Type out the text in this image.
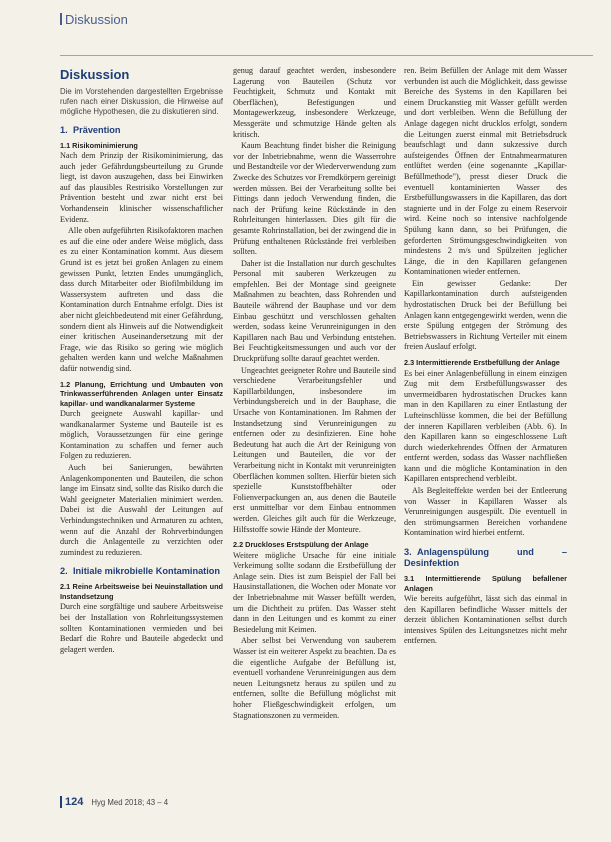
Diskussion
Diskussion
Die im Vorstehenden dargestellten Ergebnisse rufen nach einer Diskussion, die Hinweise auf mögliche Hypothesen, die zu diskutieren sind.
1. Prävention
1.1 Risikominimierung

Nach dem Prinzip der Risikominimierung, das auch jeder Gefährdungsbeurteilung zu Grunde liegt, ist davon auszugehen, dass bei Einwirken auf das plausibles Restrisiko Vorstellungen zur Prävention besteht und zwar nicht erst bei Vorhandensein klinischer wissenschaftlicher Evidenz.

Alle oben aufgeführten Risikofaktoren machen es auf die eine oder andere Weise möglich, dass es zu einer Kontamination kommt. Aus diesem Grund ist es jetzt bei großen Anlagen zu einem gewissen Punkt, letzten Endes unumgänglich, dass durch Mitarbeiter oder Biofilmbildung im Wassersystem auftreten und dass die Kontamination durch Entnahme erfolgt. Dies ist aber nicht gleichbedeutend mit einer Gefährdung, sondern dient als Hinweis auf die Notwendigkeit einer kritischen Auseinandersetzung mit der Frage, wie das Risiko so gering wie möglich gehalten werden kann und welche Maßnahmen dafür notwendig sind.

1.2 Planung, Errichtung und Umbauten von Trinkwasserführenden Anlagen unter Einsatz kapillar- und wandkanalarmer Systeme

Durch geeignete Auswahl kapillar- und wandkanalarmer Systeme und Bauteile ist es möglich, Voraussetzungen für eine geringe Kontamination zu schaffen und ferner auch Folgen zu reduzieren.

Auch bei Sanierungen, bewährten Anlagenkomponenten und Bauteilen, die schon lange im Einsatz sind, sollte das Risiko durch die Wahl geeigneter Materialien minimiert werden. Dabei ist die Auswahl der Leitungen auf Verbindungstechniken und Armaturen zu achten, wenn auf die Anzahl der Rohrverbindungen durch die Anlagenteile zu verzichten oder zumindest zu reduzieren.

2. Initiale mikrobielle Kontamination
2.1 Reine Arbeitsweise bei Neuinstallation und Instandsetzung

Durch eine sorgfältige und saubere Arbeitsweise bei der Installation von Rohrleitungssystemen sollten Kontaminationen vermieden und bei Bedarf die Rohre und Bauteile abgedeckt und gelagert werden.

genug darauf geachtet werden, insbesondere Lagerung von Bauteilen (Schutz vor Feuchtigkeit, Schmutz und Kontakt mit Oberflächen), Befestigungen und Montagewerkzeug, insbesondere Werkzeuge, Messgeräte und schmutzige Hände gelten als kritisch.

Kaum Beachtung findet bisher die Reinigung vor der Inbetriebnahme, wenn die Wasserrohre und Bestandteile vor der Wiederverwendung zum Zwecke des Schutzes vor Fremdkörpern gereinigt werden müssen. Bei der Verarbeitung sollte bei Fittings dann jedoch Verwendung finden, die nach der Prüfung keine Rückstände in den Rohrleitungen hinterlassen. Dies gilt für die gesamte Rohrinstallation, bei der zwingend die in Prüfung enthaltenen Rückstände frei verbleiben sollten.

Daher ist die Installation nur durch geschultes Personal mit sauberen Werkzeugen zu empfehlen. Bei der Montage sind geeignete Maßnahmen zu beachten, dass Rohrenden und Bauteile während der Bauphase und vor dem Einbau geschützt und verschlossen gehalten werden, sodass keine Verunreinigungen in den Kapillaren nach Bau und Verbindung entstehen. Bei Feuchtigkeitsmessungen und auch vor der Druckprüfung sollte darauf geachtet werden.

Ungeachtet geeigneter Rohre und Bauteile sind verschiedene Verarbeitungsfehler und Kapillarbildungen, insbesondere im Verbindungsbereich und in der Bauphase, die Ursache von Kontaminationen. Im Rahmen der Instandsetzung sind Verunreinigungen zu entfernen oder zu desinfizieren. Eine hohe Bedeutung hat auch die Art der Reinigung von Leitungen und Bauteilen, die vor der Verarbeitung nicht in Kontakt mit verunreinigten Oberflächen kommen sollten. Hierfür bieten sich spezielle Kunststoffbehälter oder Folienverpackungen an, aus denen die Bauteile erst unmittelbar vor dem Einbau entnommen werden. Gleiches gilt auch für die Werkzeuge, Hilfsstoffe sowie Hände der Monteure.

2.2 Druckloses Erstspülung der Anlage

Weitere mögliche Ursache für eine initiale Verkeimung sollte sodann die Erstbefüllung der Anlage sein. Dies ist zum Beispiel der Fall bei Hausinstallationen, die Wochen oder Monate vor der Inbetriebnahme mit Wasser befüllt werden, um die Dichtheit zu prüfen. Das Wasser steht dann in den Leitungen und es kommt zu einer Besiedelung mit Keimen.

Aber selbst bei Verwendung von sauberem Wasser ist ein weiterer Aspekt zu beachten. Da es die eigentliche Aufgabe der Befüllung ist, eventuell vorhandene Verunreinigungen aus dem neuen Leitungsnetz heraus zu spülen und zu entfernen, sollte die Befüllung möglichst mit hoher Fließgeschwindigkeit erfolgen, um Stagnationszonen zu vermeiden.

ren. Beim Befüllen der Anlage mit dem Wasser verbunden ist auch die Möglichkeit, dass gewisse Bereiche des Systems in den Kapillaren bei einem Druckanstieg mit Wasser gefüllt werden und dort verbleiben. Wenn die Befüllung der Anlage dagegen nicht drucklos erfolgt, sondern die Leitungen zuerst einmal mit Betriebsdruck beaufschlagt und dann sukzessive durch aufsteigendes Öffnen der Entnahmearmaturen entlüftet werden (eine sogenannte „Kapillar-Befüllmethode"), presst dieser Druck die eventuell kontaminierten Wasser des Erstbefüllungswassers in die Kapillaren, das dort stagnierte und in der Folge zu einem Reservoir wird. Keine noch so intensive nachfolgende Spülung kann dann, so bei Prüfungen, die geforderten Strömungsgeschwindigkeiten von mindestens 2 m/s und Spülzeiten jeglicher Länge, die in den Kapillaren gefangenen Kontaminationen wieder entfernen.

Ein gewisser Gedanke: Der Kapillarkontamination durch aufsteigenden hydrostatischen Druck bei der Befüllung bei Anlagen kann entgegengewirkt werden, wenn die erste Spülung entgegen der Strömung des Betriebswassers in Richtung Verteiler mit einem freien Auslauf erfolgt.

2.3 Intermittierende Erstbefüllung der Anlage

Es bei einer Anlagenbefüllung in einem einzigen Zug mit dem Erstbefüllungswasser des unvermeidbaren hydrostatischen Druckes kann man in den Kapillaren zu einer Entlastung der Lufteinschlüsse kommen, die bei der Befüllung der inneren Kapillaren verbleiben (Abb. 6). In den Kapillaren kann so eingeschlossene Luft durch wiederkehrendes Öffnen der Armaturen entfernt werden, sodass das Wasser nachfließen kann und die mögliche Kontamination in den Kapillaren entsprechend verbleibt.

Als Begleiteffekte werden bei der Entleerung von Wasser in Kapillaren Wasser als Verunreinigungen ausgespült. Die eventuell in den strömungsarmen Bereichen vorhandene Kontamination wird hierbei entfernt.

3. Anlagenspülung und – Desinfektion
3.1 Intermittierende Spülung befallener Anlagen

Wie bereits aufgeführt, lässt sich das einmal in den Kapillaren befindliche Wasser mittels der derzeit üblichen Kontaminationen selbst durch intensives Spülen des Leitungsnetzes nicht mehr entfernen.

124 Hyg Med 2018; 43 – 4
